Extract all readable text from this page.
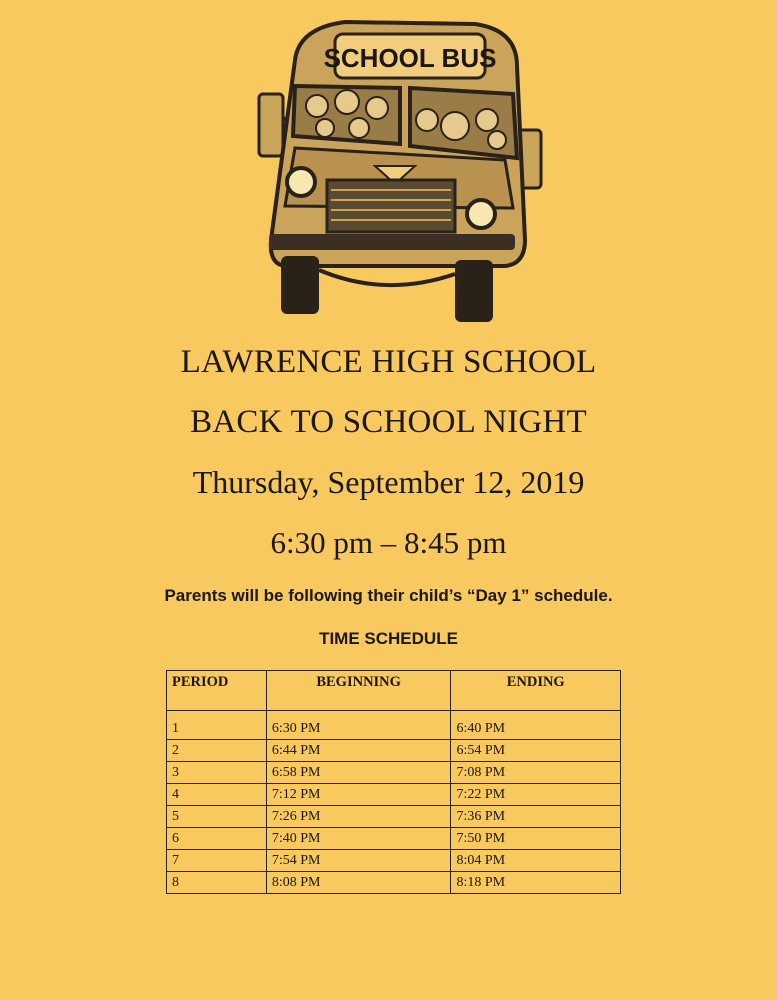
SCHOOL BUS
LAWRENCE HIGH SCHOOL
BACK TO SCHOOL NIGHT
Thursday, September 12, 2019
6:30 pm – 8:45 pm
Parents will be following their child’s “Day 1” schedule.
TIME SCHEDULE
PERIOD	BEGINNING	ENDING
1	6:30 PM	6:40 PM
2	6:44 PM	6:54 PM
3	6:58 PM	7:08 PM
4	7:12 PM	7:22 PM
5	7:26 PM	7:36 PM
6	7:40 PM	7:50 PM
7	7:54 PM	8:04 PM
8	8:08 PM	8:18 PM
